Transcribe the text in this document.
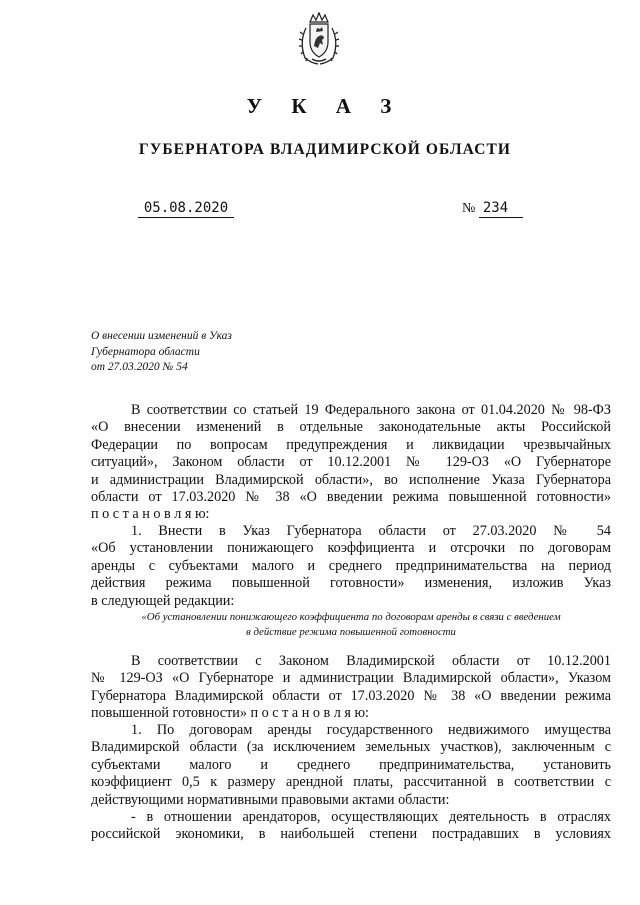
У К А З
ГУБЕРНАТОРА ВЛАДИМИРСКОЙ ОБЛАСТИ
05.08.2020	№ 234
О внесении изменений в Указ
Губернатора области
от 27.03.2020 № 54
В соответствии со статьей 19 Федерального закона от 01.04.2020 № 98-ФЗ
«О внесении изменений в отдельные законодательные акты Российской
Федерации по вопросам предупреждения и ликвидации чрезвычайных
ситуаций», Законом области от 10.12.2001 № 129-ОЗ «О Губернаторе
и администрации Владимирской области», во исполнение Указа Губернатора
области от 17.03.2020 № 38 «О введении режима повышенной готовности»
п о с т а н о в л я ю:
1. Внести в Указ Губернатора области от 27.03.2020 № 54
«Об установлении понижающего коэффициента и отсрочки по договорам
аренды с субъектами малого и среднего предпринимательства на период
действия режима повышенной готовности» изменения, изложив Указ
в следующей редакции:
«Об установлении понижающего коэффициента по договорам аренды в связи с введением
в действие режима повышенной готовности
В соответствии с Законом Владимирской области от 10.12.2001
№ 129-ОЗ «О Губернаторе и администрации Владимирской области», Указом
Губернатора Владимирской области от 17.03.2020 № 38 «О введении режима
повышенной готовности» п о с т а н о в л я ю:
1. По договорам аренды государственного недвижимого имущества
Владимирской области (за исключением земельных участков), заключенным с
субъектами малого и среднего предпринимательства, установить
коэффициент 0,5 к размеру арендной платы, рассчитанной в соответствии с
действующими нормативными правовыми актами области:
- в отношении арендаторов, осуществляющих деятельность в отраслях
российской экономики, в наибольшей степени пострадавших в условиях
